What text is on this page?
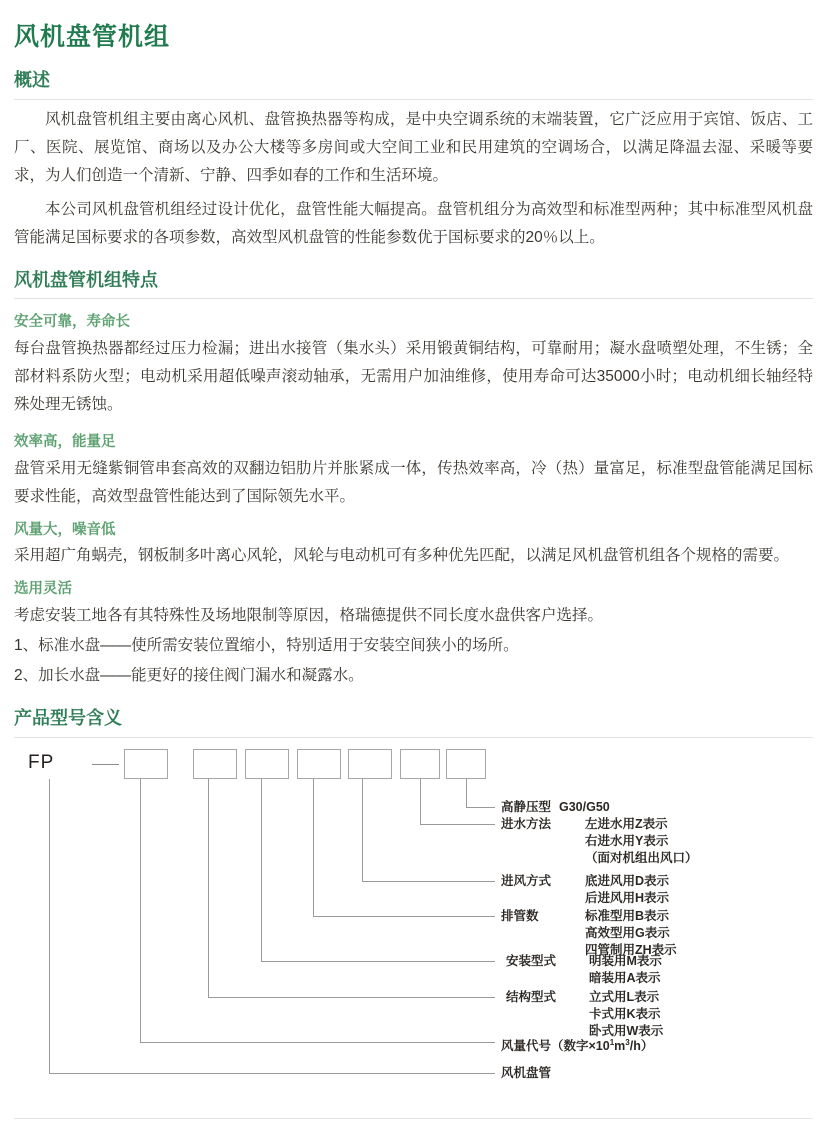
风机盘管机组
概述

风机盘管机组主要由离心风机、盘管换热器等构成，是中央空调系统的末端装置，它广泛应用于宾馆、饭店、工厂、医院、展览馆、商场以及办公大楼等多房间或大空间工业和民用建筑的空调场合，以满足降温去湿、采暖等要求，为人们创造一个清新、宁静、四季如春的工作和生活环境。

本公司风机盘管机组经过设计优化，盘管性能大幅提高。盘管机组分为高效型和标准型两种；其中标准型风机盘管能满足国标要求的各项参数，高效型风机盘管的性能参数优于国标要求的20％以上。

风机盘管机组特点
安全可靠，寿命长

每台盘管换热器都经过压力检漏；进出水接管（集水头）采用锻黄铜结构，可靠耐用；凝水盘喷塑处理，不生锈；全部材料系防火型；电动机采用超低噪声滚动轴承，无需用户加油维修，使用寿命可达35000小时；电动机细长轴经特殊处理无锈蚀。

效率高，能量足

盘管采用无缝紫铜管串套高效的双翻边铝肋片并胀紧成一体，传热效率高，冷（热）量富足，标准型盘管能满足国标要求性能，高效型盘管性能达到了国际领先水平。

风量大，噪音低

采用超广角蜗壳，钢板制多叶离心风轮，风轮与电动机可有多种优先匹配，以满足风机盘管机组各个规格的需要。

选用灵活

考虑安装工地各有其特殊性及场地限制等原因，格瑞德提供不同长度水盘供客户选择。

1、标准水盘——使所需安装位置缩小，特别适用于安装空间狭小的场所。

2、加长水盘——能更好的接住阀门漏水和凝露水。

产品型号含义
FP
高静压型 G30/G50
进水方法	左进水用Z表示
右进水用Y表示
（面对机组出风口）
进风方式	底进风用D表示
后进风用H表示
排管数	标准型用B表示
高效型用G表示
四管制用ZH表示
安装型式	明装用M表示
暗装用A表示
结构型式	立式用L表示
卡式用K表示
卧式用W表示
风量代号（数字$\times 10^1m^3/h$）
风机盘管
